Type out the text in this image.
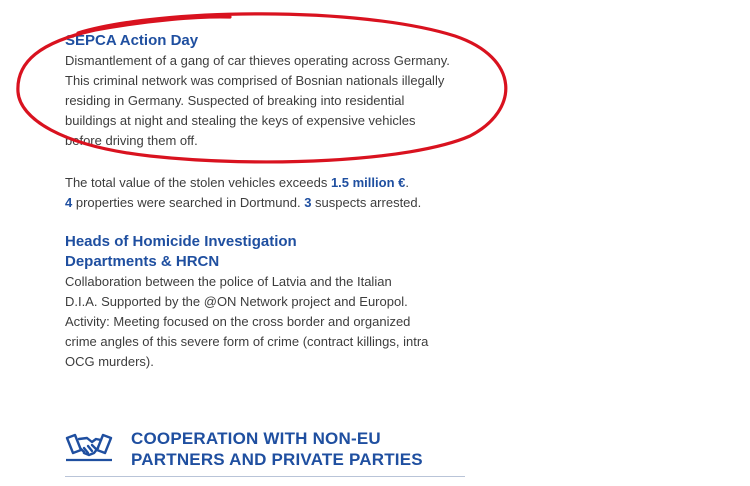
SEPCA Action Day

Dismantlement of a gang of car thieves operating across Germany.

This criminal network was comprised of Bosnian nationals illegally

residing in Germany. Suspected of breaking into residential

buildings at night and stealing the keys of expensive vehicles

before driving them off.

The total value of the stolen vehicles exceeds 1.5 million €.

4 properties were searched in Dortmund. 3 suspects arrested.

Heads of Homicide Investigation

Departments & HRCN

Collaboration between the police of Latvia and the Italian

D.I.A. Supported by the @ON Network project and Europol.

Activity: Meeting focused on the cross border and organized

crime angles of this severe form of crime (contract killings, intra

OCG murders).

COOPERATION WITH NON-EU
PARTNERS AND PRIVATE PARTIES
